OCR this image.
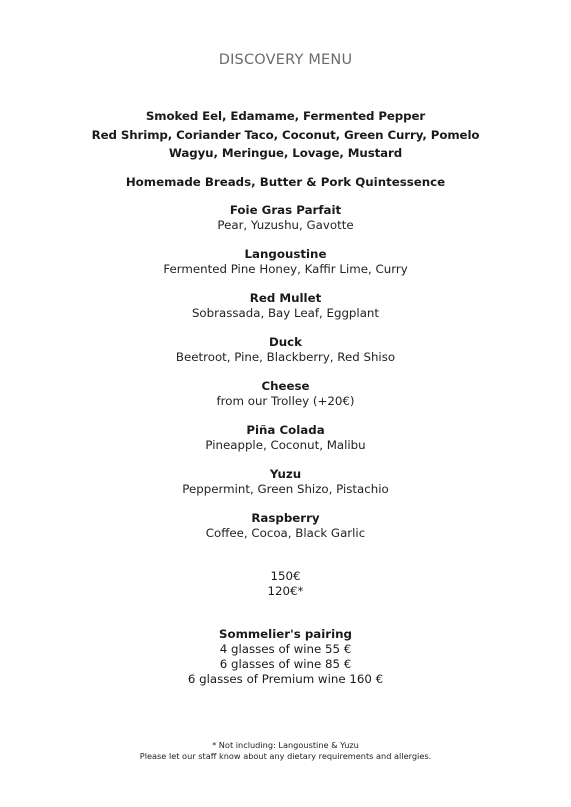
DISCOVERY MENU
Smoked Eel, Edamame, Fermented Pepper
Red Shrimp, Coriander Taco, Coconut, Green Curry, Pomelo
Wagyu, Meringue, Lovage, Mustard
Homemade Breads, Butter & Pork Quintessence
Foie Gras Parfait
Pear, Yuzushu, Gavotte
Langoustine
Fermented Pine Honey, Kaffir Lime, Curry
Red Mullet
Sobrassada, Bay Leaf, Eggplant
Duck
Beetroot, Pine, Blackberry, Red Shiso
Cheese
from our Trolley (+20€)
Piña Colada
Pineapple, Coconut, Malibu
Yuzu
Peppermint, Green Shizo, Pistachio
Raspberry
Coffee, Cocoa, Black Garlic
150€
120€*
Sommelier's pairing
4 glasses of wine 55 €
6 glasses of wine 85 €
6 glasses of Premium wine 160 €
* Not including: Langoustine & Yuzu
Please let our staff know about any dietary requirements and allergies.
